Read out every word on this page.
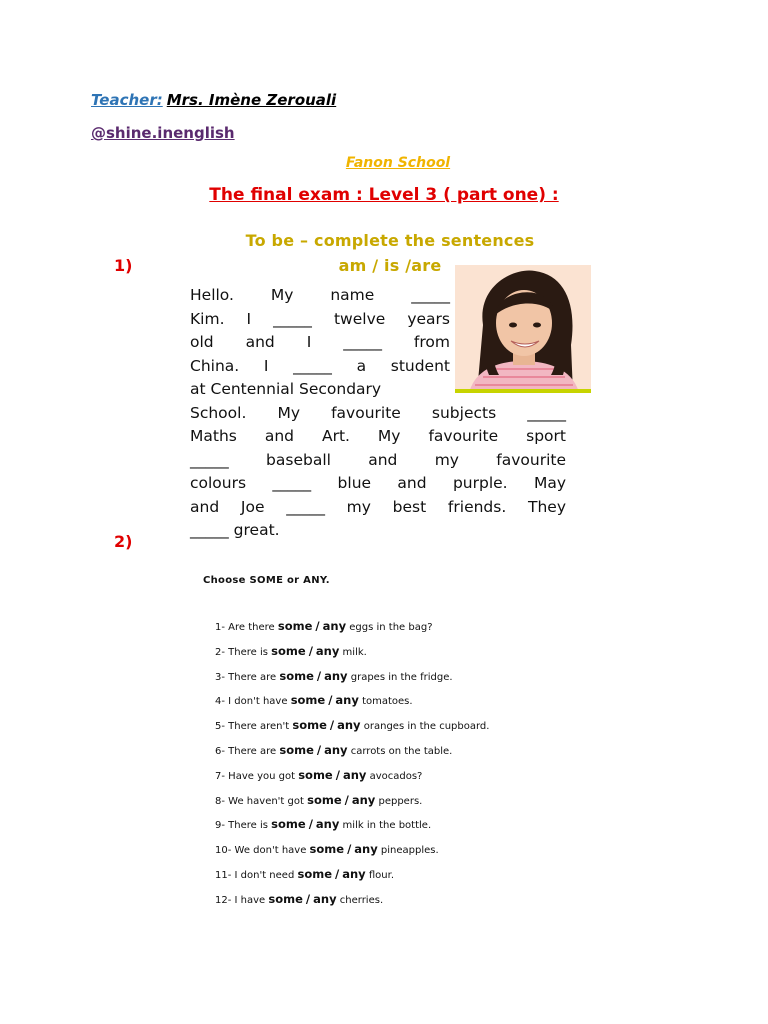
Teacher: Mrs. Imène Zerouali
@shine.inenglish
Fanon School
The final exam : Level 3 ( part one) :
1)
To be – complete the sentences
am / is /are
Hello. My name _____
Kim. I _____ twelve years
old and I _____ from
China. I _____ a student
at Centennial Secondary
School. My favourite subjects _____
Maths and Art. My favourite sport
_____ baseball and my favourite
colours _____ blue and purple. May
and Joe _____ my best friends. They
_____ great.
2)
Choose SOME or ANY.
1- Are there some / any eggs in the bag?
2- There is some / any milk.
3- There are some / any grapes in the fridge.
4- I don't have some / any tomatoes.
5- There aren't some / any oranges in the cupboard.
6- There are some / any carrots on the table.
7- Have you got some / any avocados?
8- We haven't got some / any peppers.
9- There is some / any milk in the bottle.
10- We don't have some / any pineapples.
11- I don't need some / any flour.
12- I have some / any cherries.
